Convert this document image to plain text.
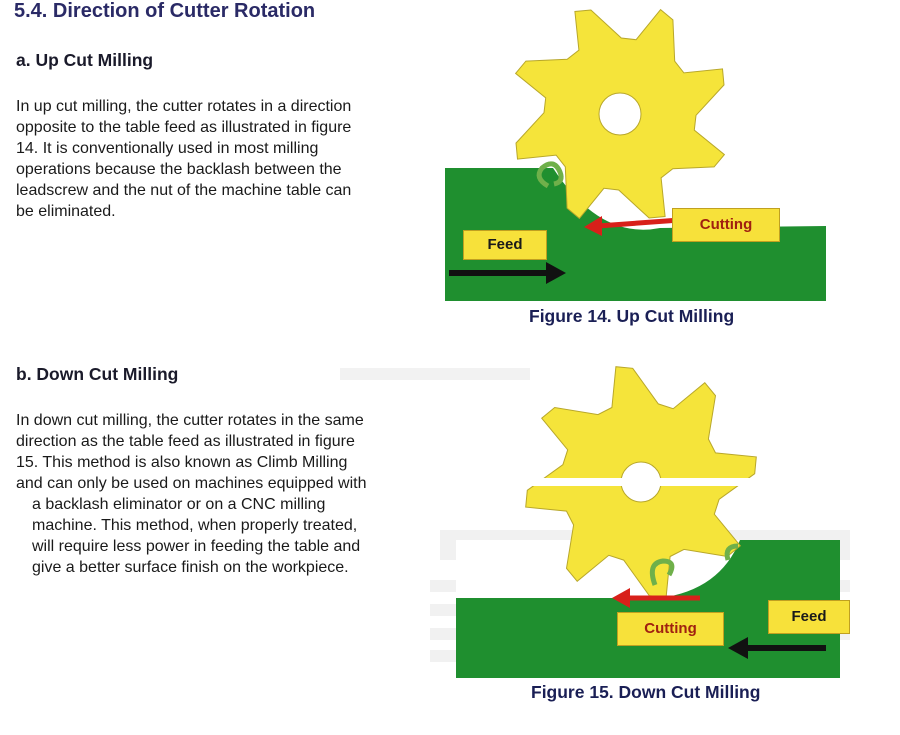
5.4. Direction of Cutter Rotation
a. Up Cut Milling

In up cut milling, the cutter rotates in a direction

opposite to the table feed as illustrated in figure

14. It is conventionally used in most milling

operations because the backlash between the

leadscrew and the nut of the machine table can

be eliminated.

b. Down Cut Milling

In down cut milling, the cutter rotates in the same

direction as the table feed as illustrated in figure

15. This method is also known as Climb Milling

and can only be used on machines equipped with

a backlash eliminator or on a CNC milling

machine. This method, when properly treated,

will require less power in feeding the table and

give a better surface finish on the workpiece.

Cutting
Feed
Figure 14. Up Cut Milling
Cutting
Feed
Figure 15. Down Cut Milling
